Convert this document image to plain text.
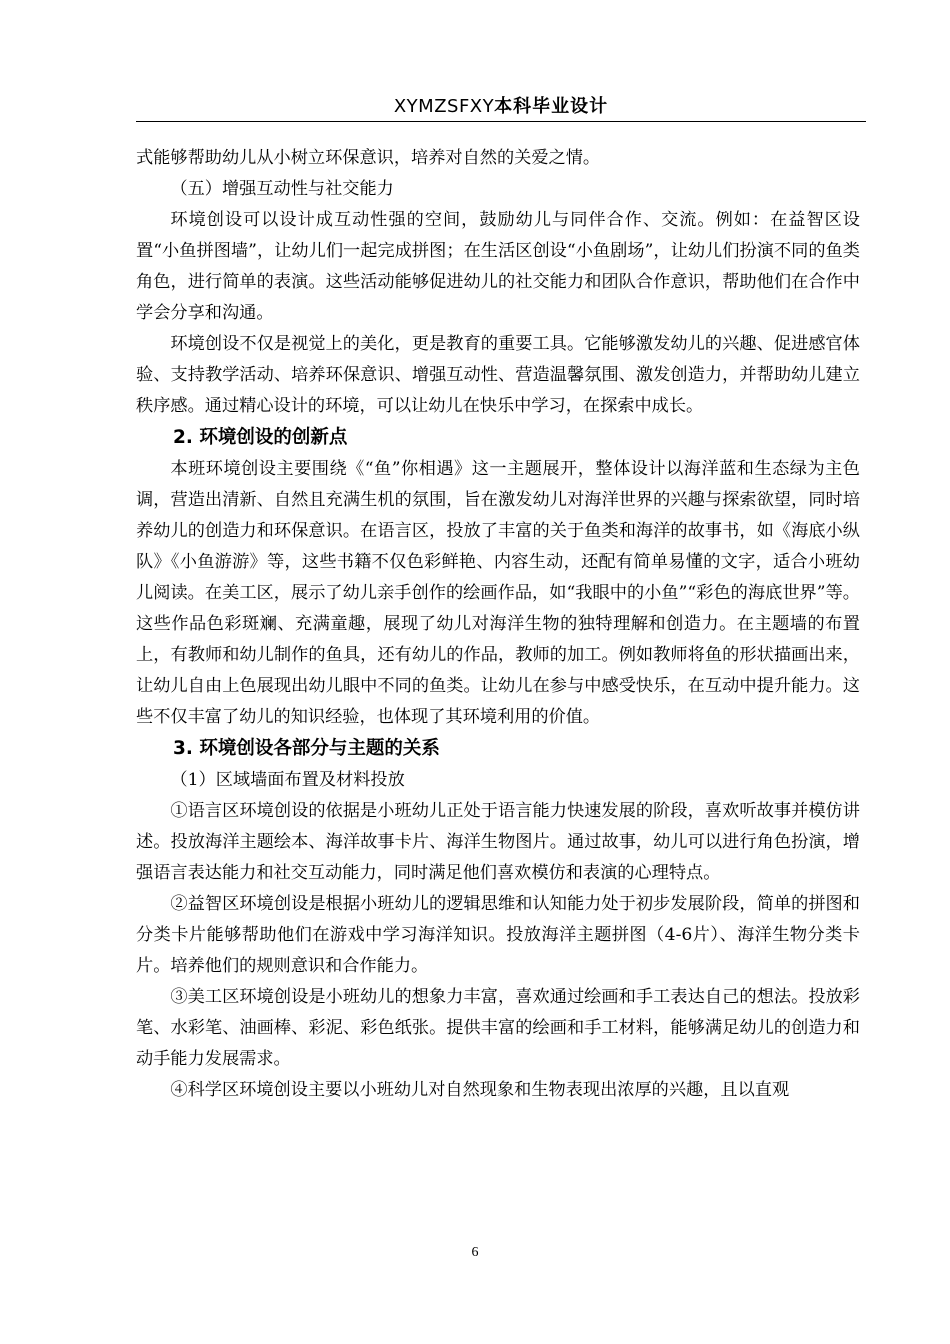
XYMZSFXY本科毕业设计

式能够帮助幼儿从小树立环保意识，培养对自然的关爱之情。

（五）增强互动性与社交能力

环境创设可以设计成互动性强的空间，鼓励幼儿与同伴合作、交流。例如：在益智区设置“小鱼拼图墙”，让幼儿们一起完成拼图；在生活区创设“小鱼剧场”，让幼儿们扮演不同的鱼类角色，进行简单的表演。这些活动能够促进幼儿的社交能力和团队合作意识，帮助他们在合作中学会分享和沟通。

环境创设不仅是视觉上的美化，更是教育的重要工具。它能够激发幼儿的兴趣、促进感官体验、支持教学活动、培养环保意识、增强互动性、营造温馨氛围、激发创造力，并帮助幼儿建立秩序感。通过精心设计的环境，可以让幼儿在快乐中学习，在探索中成长。

2. 环境创设的创新点

本班环境创设主要围绕《“鱼”你相遇》这一主题展开，整体设计以海洋蓝和生态绿为主色调，营造出清新、自然且充满生机的氛围，旨在激发幼儿对海洋世界的兴趣与探索欲望，同时培养幼儿的创造力和环保意识。在语言区，投放了丰富的关于鱼类和海洋的故事书，如《海底小纵队》《小鱼游游》等，这些书籍不仅色彩鲜艳、内容生动，还配有简单易懂的文字，适合小班幼儿阅读。在美工区，展示了幼儿亲手创作的绘画作品，如“我眼中的小鱼”“彩色的海底世界”等。这些作品色彩斑斓、充满童趣，展现了幼儿对海洋生物的独特理解和创造力。在主题墙的布置上，有教师和幼儿制作的鱼具，还有幼儿的作品，教师的加工。例如教师将鱼的形状描画出来，让幼儿自由上色展现出幼儿眼中不同的鱼类。让幼儿在参与中感受快乐，在互动中提升能力。这些不仅丰富了幼儿的知识经验，也体现了其环境利用的价值。

3. 环境创设各部分与主题的关系

（1）区域墙面布置及材料投放

①语言区环境创设的依据是小班幼儿正处于语言能力快速发展的阶段，喜欢听故事并模仿讲述。投放海洋主题绘本、海洋故事卡片、海洋生物图片。通过故事，幼儿可以进行角色扮演，增强语言表达能力和社交互动能力，同时满足他们喜欢模仿和表演的心理特点。

②益智区环境创设是根据小班幼儿的逻辑思维和认知能力处于初步发展阶段，简单的拼图和分类卡片能够帮助他们在游戏中学习海洋知识。投放海洋主题拼图（4-6片）、海洋生物分类卡片。培养他们的规则意识和合作能力。

③美工区环境创设是小班幼儿的想象力丰富，喜欢通过绘画和手工表达自己的想法。投放彩笔、水彩笔、油画棒、彩泥、彩色纸张。提供丰富的绘画和手工材料，能够满足幼儿的创造力和动手能力发展需求。

④科学区环境创设主要以小班幼儿对自然现象和生物表现出浓厚的兴趣，且以直观

6
